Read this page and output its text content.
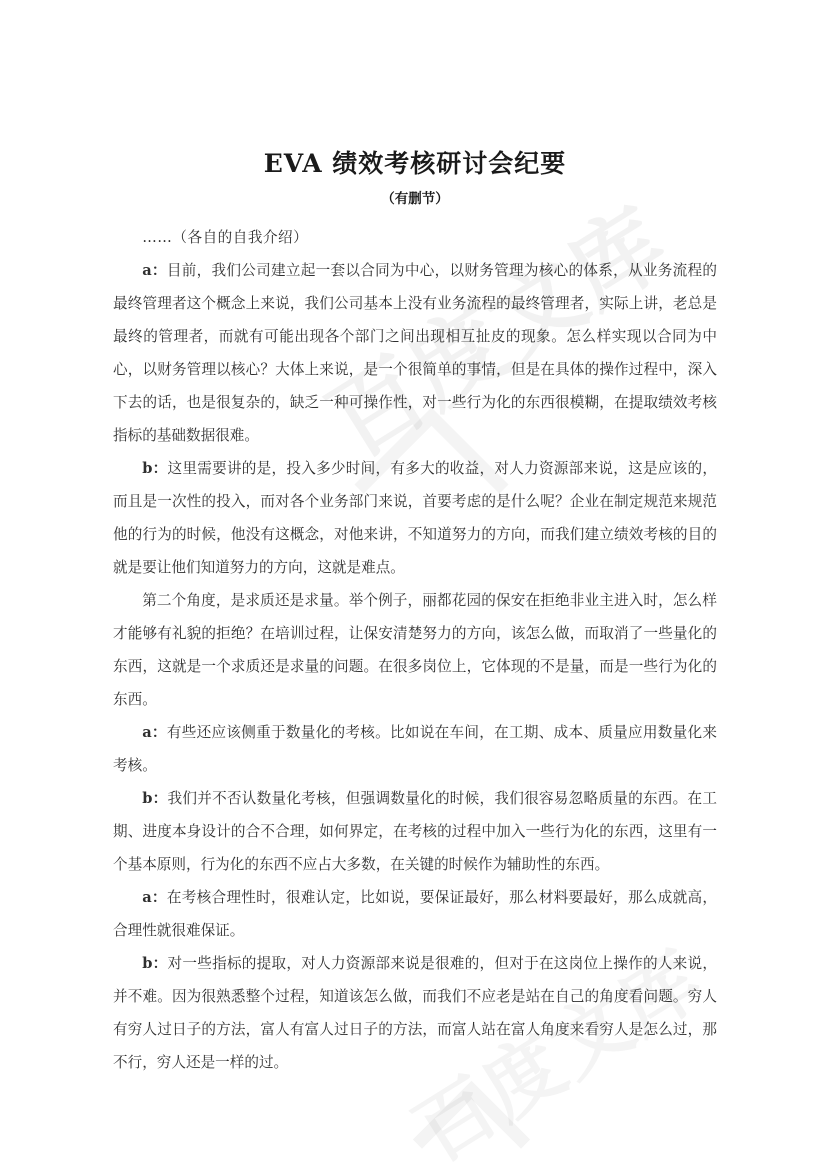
EVA 绩效考核研讨会纪要
（有删节）

……（各自的自我介绍）

a：目前，我们公司建立起一套以合同为中心，以财务管理为核心的体系，从业务流程的最终管理者这个概念上来说，我们公司基本上没有业务流程的最终管理者，实际上讲，老总是最终的管理者，而就有可能出现各个部门之间出现相互扯皮的现象。怎么样实现以合同为中心，以财务管理以核心？大体上来说，是一个很简单的事情，但是在具体的操作过程中，深入下去的话，也是很复杂的，缺乏一种可操作性，对一些行为化的东西很模糊，在提取绩效考核指标的基础数据很难。

b：这里需要讲的是，投入多少时间，有多大的收益，对人力资源部来说，这是应该的，而且是一次性的投入，而对各个业务部门来说，首要考虑的是什么呢？企业在制定规范来规范他的行为的时候，他没有这概念，对他来讲，不知道努力的方向，而我们建立绩效考核的目的就是要让他们知道努力的方向，这就是难点。

第二个角度，是求质还是求量。举个例子，丽都花园的保安在拒绝非业主进入时，怎么样才能够有礼貌的拒绝？在培训过程，让保安清楚努力的方向，该怎么做，而取消了一些量化的东西，这就是一个求质还是求量的问题。在很多岗位上，它体现的不是量，而是一些行为化的东西。

a：有些还应该侧重于数量化的考核。比如说在车间，在工期、成本、质量应用数量化来考核。

b：我们并不否认数量化考核，但强调数量化的时候，我们很容易忽略质量的东西。在工期、进度本身设计的合不合理，如何界定，在考核的过程中加入一些行为化的东西，这里有一个基本原则，行为化的东西不应占大多数，在关键的时候作为辅助性的东西。

a：在考核合理性时，很难认定，比如说，要保证最好，那么材料要最好，那么成就高，合理性就很难保证。

b：对一些指标的提取，对人力资源部来说是很难的，但对于在这岗位上操作的人来说，并不难。因为很熟悉整个过程，知道该怎么做，而我们不应老是站在自己的角度看问题。穷人有穷人过日子的方法，富人有富人过日子的方法，而富人站在富人角度来看穷人是怎么过，那不行，穷人还是一样的过。
